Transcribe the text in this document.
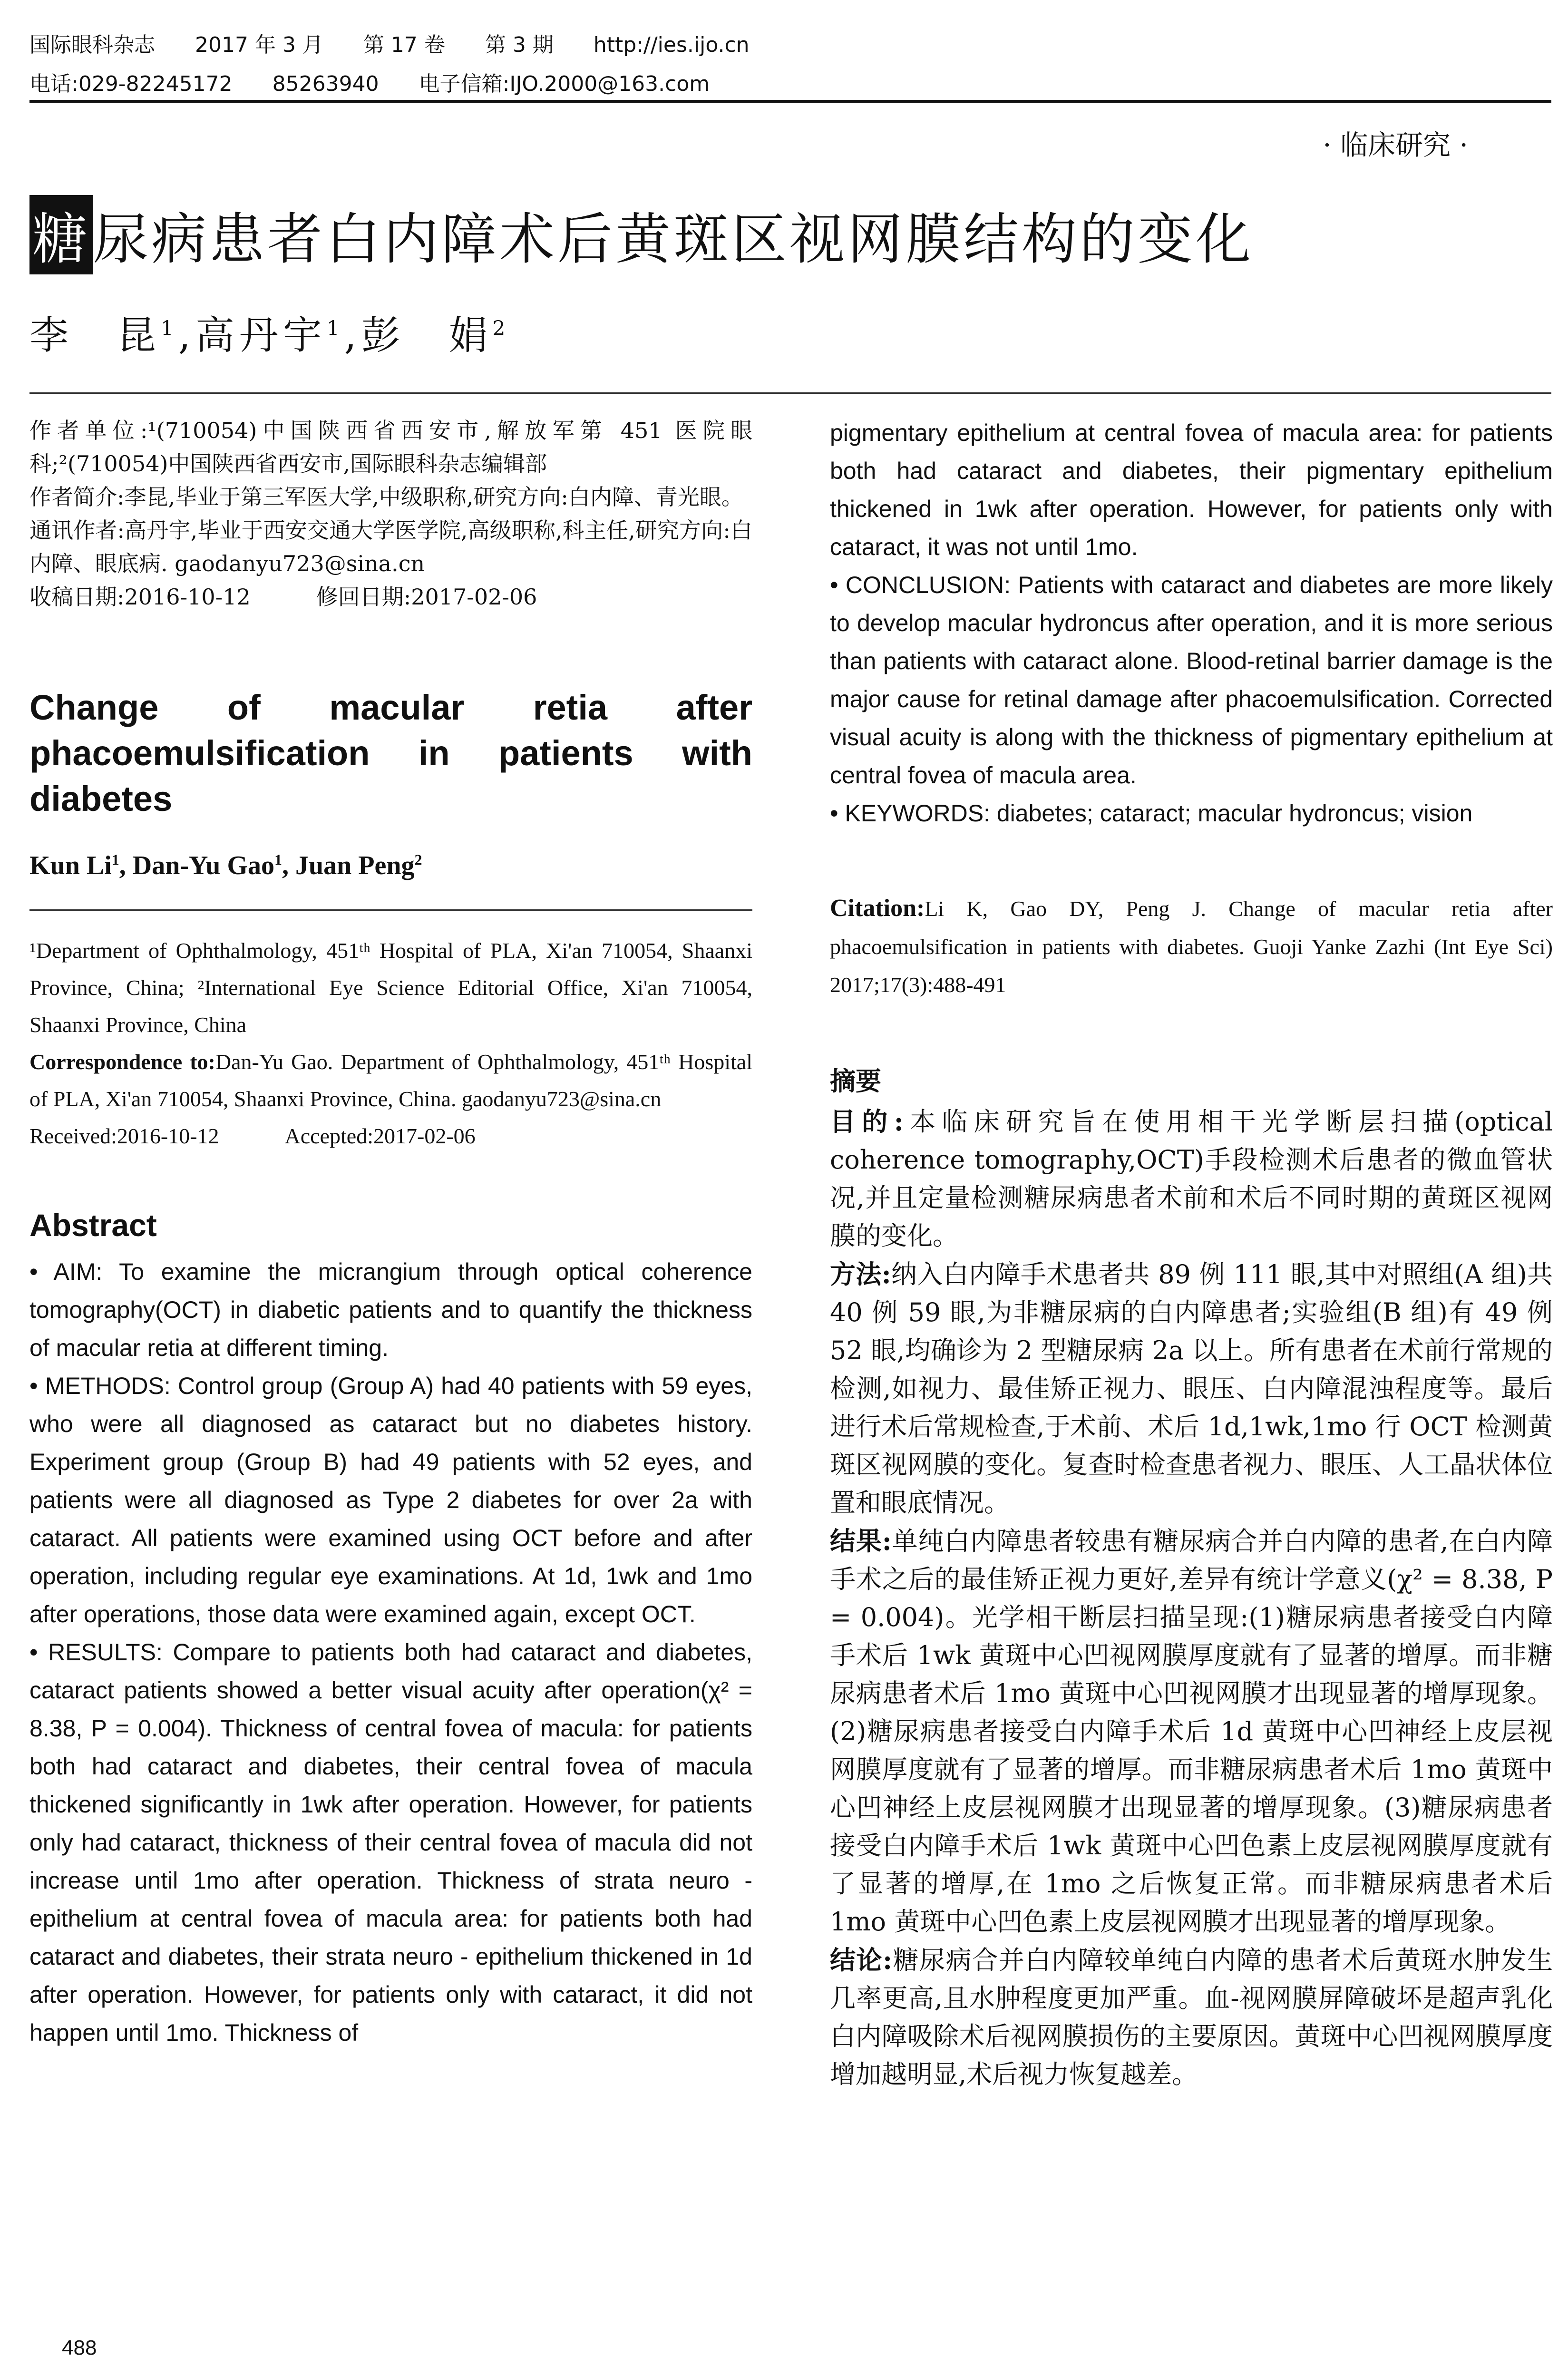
国际眼科杂志 2017 年 3 月 第 17 卷 第 3 期 http://ies.ijo.cn
电话:029-82245172 85263940 电子信箱:IJO.2000@163.com
· 临床研究 ·
糖尿病患者白内障术后黄斑区视网膜结构的变化
李　昆$^1$,高丹宇$^1$,彭　娟$^2$

作者单位:¹(710054)中国陕西省西安市,解放军第 451 医院眼科;²(710054)中国陕西省西安市,国际眼科杂志编辑部

作者简介:李昆,毕业于第三军医大学,中级职称,研究方向:白内障、青光眼。

通讯作者:高丹宇,毕业于西安交通大学医学院,高级职称,科主任,研究方向:白内障、眼底病. gaodanyu723@sina.cn

收稿日期:2016-10-12　　　修回日期:2017-02-06

Change of macular retia after phacoemulsification in patients with diabetes

Kun Li$^1$, Dan-Yu Gao$^1$, Juan Peng$^2$

¹Department of Ophthalmology, 451ᵗʰ Hospital of PLA, Xi'an 710054, Shaanxi Province, China; ²International Eye Science Editorial Office, Xi'an 710054, Shaanxi Province, China

Correspondence to:Dan-Yu Gao. Department of Ophthalmology, 451ᵗʰ Hospital of PLA, Xi'an 710054, Shaanxi Province, China. gaodanyu723@sina.cn

Received:2016-10-12　　　Accepted:2017-02-06

Abstract

• AIM: To examine the micrangium through optical coherence tomography(OCT) in diabetic patients and to quantify the thickness of macular retia at different timing.

• METHODS: Control group (Group A) had 40 patients with 59 eyes, who were all diagnosed as cataract but no diabetes history. Experiment group (Group B) had 49 patients with 52 eyes, and patients were all diagnosed as Type 2 diabetes for over 2a with cataract. All patients were examined using OCT before and after operation, including regular eye examinations. At 1d, 1wk and 1mo after operations, those data were examined again, except OCT.

• RESULTS: Compare to patients both had cataract and diabetes, cataract patients showed a better visual acuity after operation(χ² = 8.38, P = 0.004). Thickness of central fovea of macula: for patients both had cataract and diabetes, their central fovea of macula thickened significantly in 1wk after operation. However, for patients only had cataract, thickness of their central fovea of macula did not increase until 1mo after operation. Thickness of strata neuro - epithelium at central fovea of macula area: for patients both had cataract and diabetes, their strata neuro - epithelium thickened in 1d after operation. However, for patients only with cataract, it did not happen until 1mo. Thickness of

pigmentary epithelium at central fovea of macula area: for patients both had cataract and diabetes, their pigmentary epithelium thickened in 1wk after operation. However, for patients only with cataract, it was not until 1mo.

• CONCLUSION: Patients with cataract and diabetes are more likely to develop macular hydroncus after operation, and it is more serious than patients with cataract alone. Blood-retinal barrier damage is the major cause for retinal damage after phacoemulsification. Corrected visual acuity is along with the thickness of pigmentary epithelium at central fovea of macula area.

• KEYWORDS: diabetes; cataract; macular hydroncus; vision

Citation:Li K, Gao DY, Peng J. Change of macular retia after phacoemulsification in patients with diabetes. Guoji Yanke Zazhi (Int Eye Sci) 2017;17(3):488-491

摘要

目的:本临床研究旨在使用相干光学断层扫描(optical coherence tomography,OCT)手段检测术后患者的微血管状况,并且定量检测糖尿病患者术前和术后不同时期的黄斑区视网膜的变化。

方法:纳入白内障手术患者共 89 例 111 眼,其中对照组(A 组)共 40 例 59 眼,为非糖尿病的白内障患者;实验组(B 组)有 49 例 52 眼,均确诊为 2 型糖尿病 2a 以上。所有患者在术前行常规的检测,如视力、最佳矫正视力、眼压、白内障混浊程度等。最后进行术后常规检查,于术前、术后 1d,1wk,1mo 行 OCT 检测黄斑区视网膜的变化。复查时检查患者视力、眼压、人工晶状体位置和眼底情况。

结果:单纯白内障患者较患有糖尿病合并白内障的患者,在白内障手术之后的最佳矫正视力更好,差异有统计学意义(χ² = 8.38, P = 0.004)。光学相干断层扫描呈现:(1)糖尿病患者接受白内障手术后 1wk 黄斑中心凹视网膜厚度就有了显著的增厚。而非糖尿病患者术后 1mo 黄斑中心凹视网膜才出现显著的增厚现象。(2)糖尿病患者接受白内障手术后 1d 黄斑中心凹神经上皮层视网膜厚度就有了显著的增厚。而非糖尿病患者术后 1mo 黄斑中心凹神经上皮层视网膜才出现显著的增厚现象。(3)糖尿病患者接受白内障手术后 1wk 黄斑中心凹色素上皮层视网膜厚度就有了显著的增厚,在 1mo 之后恢复正常。而非糖尿病患者术后 1mo 黄斑中心凹色素上皮层视网膜才出现显著的增厚现象。

结论:糖尿病合并白内障较单纯白内障的患者术后黄斑水肿发生几率更高,且水肿程度更加严重。血-视网膜屏障破坏是超声乳化白内障吸除术后视网膜损伤的主要原因。黄斑中心凹视网膜厚度增加越明显,术后视力恢复越差。

488
